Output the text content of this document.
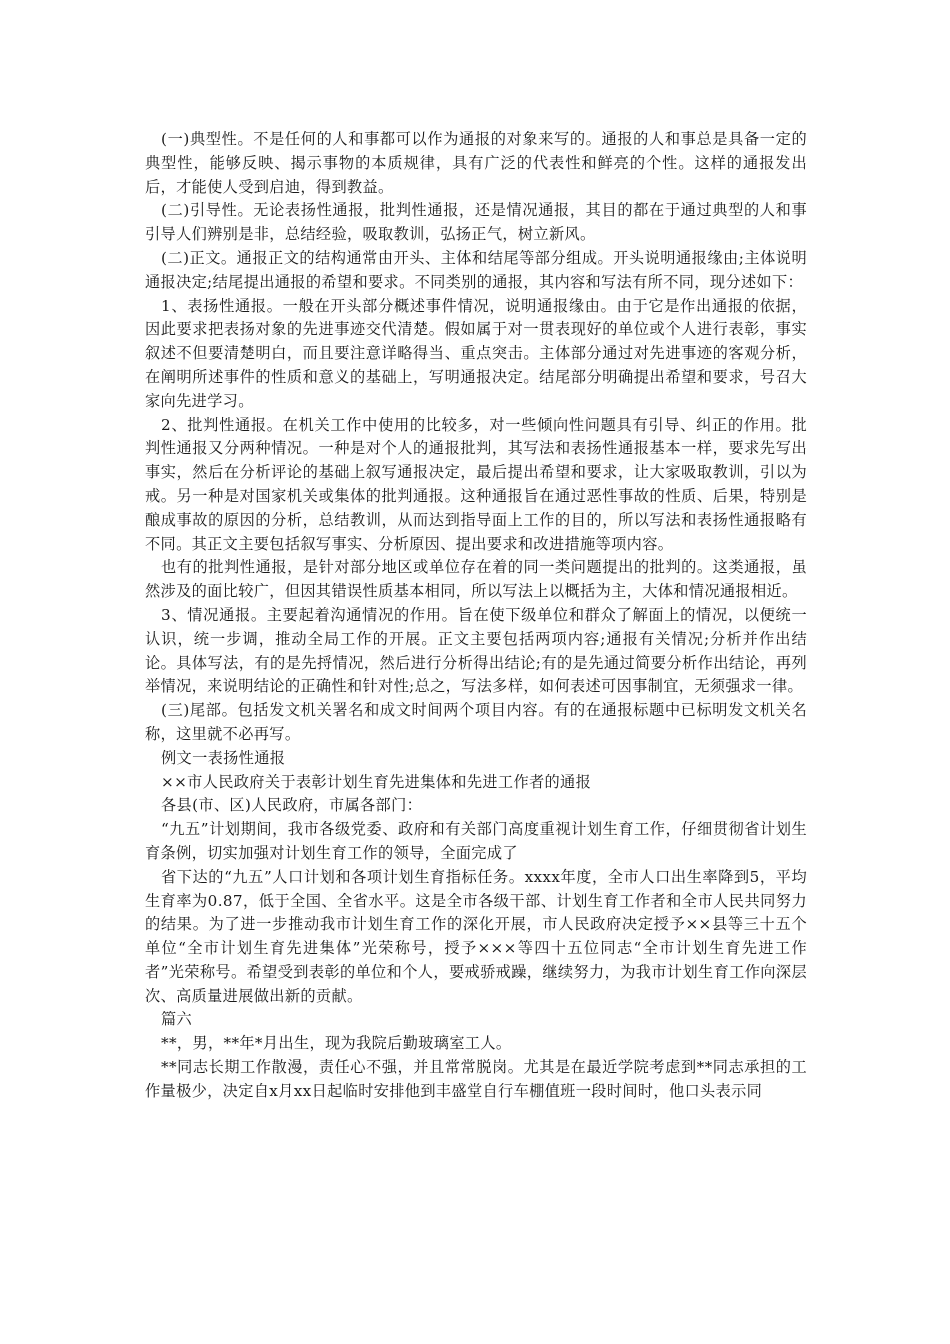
(一)典型性。不是任何的人和事都可以作为通报的对象来写的。通报的人和事总是具备一定的典型性，能够反映、揭示事物的本质规律，具有广泛的代表性和鲜亮的个性。这样的通报发出后，才能使人受到启迪，得到教益。

(二)引导性。无论表扬性通报，批判性通报，还是情况通报，其目的都在于通过典型的人和事引导人们辨别是非，总结经验，吸取教训，弘扬正气，树立新风。

(二)正文。通报正文的结构通常由开头、主体和结尾等部分组成。开头说明通报缘由;主体说明通报决定;结尾提出通报的希望和要求。不同类别的通报，其内容和写法有所不同，现分述如下：

1、表扬性通报。一般在开头部分概述事件情况，说明通报缘由。由于它是作出通报的依据，因此要求把表扬对象的先进事迹交代清楚。假如属于对一贯表现好的单位或个人进行表彰，事实叙述不但要清楚明白，而且要注意详略得当、重点突击。主体部分通过对先进事迹的客观分析，在阐明所述事件的性质和意义的基础上，写明通报决定。结尾部分明确提出希望和要求，号召大家向先进学习。

2、批判性通报。在机关工作中使用的比较多，对一些倾向性问题具有引导、纠正的作用。批判性通报又分两种情况。一种是对个人的通报批判，其写法和表扬性通报基本一样，要求先写出事实，然后在分析评论的基础上叙写通报决定，最后提出希望和要求，让大家吸取教训，引以为戒。另一种是对国家机关或集体的批判通报。这种通报旨在通过恶性事故的性质、后果，特别是酿成事故的原因的分析，总结教训，从而达到指导面上工作的目的，所以写法和表扬性通报略有不同。其正文主要包括叙写事实、分析原因、提出要求和改进措施等项内容。

也有的批判性通报，是针对部分地区或单位存在着的同一类问题提出的批判的。这类通报，虽然涉及的面比较广，但因其错误性质基本相同，所以写法上以概括为主，大体和情况通报相近。

3、情况通报。主要起着沟通情况的作用。旨在使下级单位和群众了解面上的情况，以便统一认识，统一步调，推动全局工作的开展。正文主要包括两项内容;通报有关情况;分析并作出结论。具体写法，有的是先捋情况，然后进行分析得出结论;有的是先通过简要分析作出结论，再列举情况，来说明结论的正确性和针对性;总之，写法多样，如何表述可因事制宜，无须强求一律。

(三)尾部。包括发文机关署名和成文时间两个项目内容。有的在通报标题中已标明发文机关名称，这里就不必再写。

例文一表扬性通报

××市人民政府关于表彰计划生育先进集体和先进工作者的通报

各县(市、区)人民政府，市属各部门：

“九五”计划期间，我市各级党委、政府和有关部门高度重视计划生育工作，仔细贯彻省计划生育条例，切实加强对计划生育工作的领导，全面完成了

省下达的“九五”人口计划和各项计划生育指标任务。xxxx年度，全市人口出生率降到5，平均生育率为0.87，低于全国、全省水平。这是全市各级干部、计划生育工作者和全市人民共同努力的结果。为了进一步推动我市计划生育工作的深化开展，市人民政府决定授予××县等三十五个单位“全市计划生育先进集体”光荣称号，授予×××等四十五位同志“全市计划生育先进工作者”光荣称号。希望受到表彰的单位和个人，要戒骄戒躁，继续努力，为我市计划生育工作向深层次、高质量进展做出新的贡献。

篇六

**，男，**年*月出生，现为我院后勤玻璃室工人。

**同志长期工作散漫，责任心不强，并且常常脱岗。尤其是在最近学院考虑到**同志承担的工作量极少，决定自x月xx日起临时安排他到丰盛堂自行车棚值班一段时间时，他口头表示同
